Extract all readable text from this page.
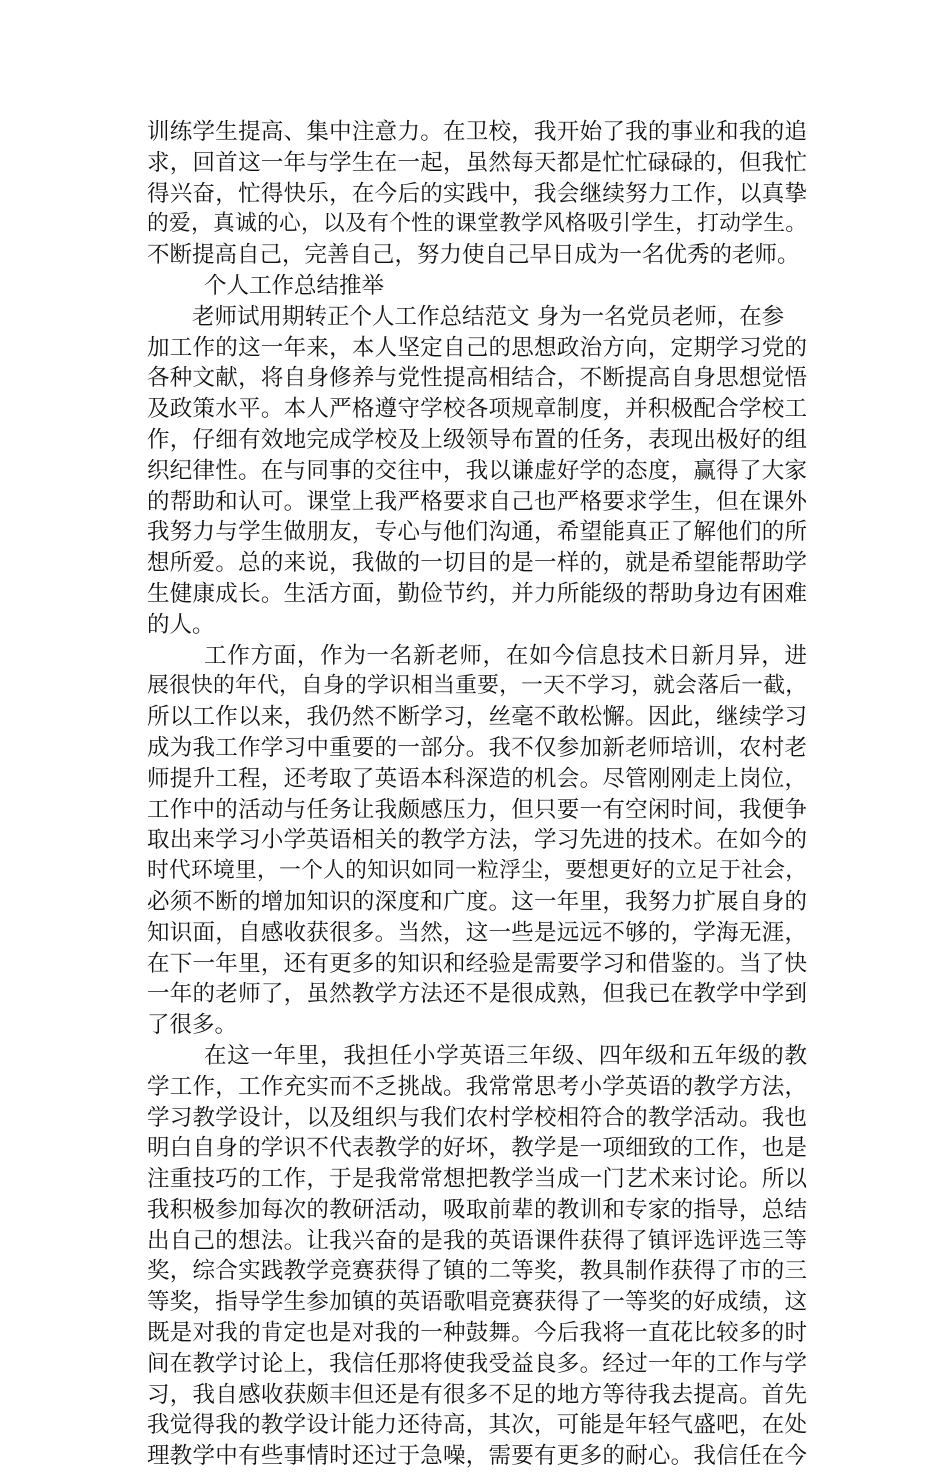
训练学生提高、集中注意力。在卫校，我开始了我的事业和我的追
求，回首这一年与学生在一起，虽然每天都是忙忙碌碌的，但我忙
得兴奋，忙得快乐，在今后的实践中，我会继续努力工作，以真挚
的爱，真诚的心，以及有个性的课堂教学风格吸引学生，打动学生。
不断提高自己，完善自己，努力使自己早日成为一名优秀的老师。
个人工作总结推举
老师试用期转正个人工作总结范文 身为一名党员老师，在参
加工作的这一年来，本人坚定自己的思想政治方向，定期学习党的
各种文献，将自身修养与党性提高相结合，不断提高自身思想觉悟
及政策水平。本人严格遵守学校各项规章制度，并积极配合学校工
作，仔细有效地完成学校及上级领导布置的任务，表现出极好的组
织纪律性。在与同事的交往中，我以谦虚好学的态度，赢得了大家
的帮助和认可。课堂上我严格要求自己也严格要求学生，但在课外
我努力与学生做朋友，专心与他们沟通，希望能真正了解他们的所
想所爱。总的来说，我做的一切目的是一样的，就是希望能帮助学
生健康成长。生活方面，勤俭节约，并力所能级的帮助身边有困难
的人。
工作方面，作为一名新老师，在如今信息技术日新月异，进
展很快的年代，自身的学识相当重要，一天不学习，就会落后一截，
所以工作以来，我仍然不断学习，丝毫不敢松懈。因此，继续学习
成为我工作学习中重要的一部分。我不仅参加新老师培训，农村老
师提升工程，还考取了英语本科深造的机会。尽管刚刚走上岗位，
工作中的活动与任务让我颇感压力，但只要一有空闲时间，我便争
取出来学习小学英语相关的教学方法，学习先进的技术。在如今的
时代环境里，一个人的知识如同一粒浮尘，要想更好的立足于社会，
必须不断的增加知识的深度和广度。这一年里，我努力扩展自身的
知识面，自感收获很多。当然，这一些是远远不够的，学海无涯，
在下一年里，还有更多的知识和经验是需要学习和借鉴的。当了快
一年的老师了，虽然教学方法还不是很成熟，但我已在教学中学到
了很多。
在这一年里，我担任小学英语三年级、四年级和五年级的教
学工作，工作充实而不乏挑战。我常常思考小学英语的教学方法，
学习教学设计，以及组织与我们农村学校相符合的教学活动。我也
明白自身的学识不代表教学的好坏，教学是一项细致的工作，也是
注重技巧的工作，于是我常常想把教学当成一门艺术来讨论。所以
我积极参加每次的教研活动，吸取前辈的教训和专家的指导，总结
出自己的想法。让我兴奋的是我的英语课件获得了镇评选评选三等
奖，综合实践教学竞赛获得了镇的二等奖，教具制作获得了市的三
等奖，指导学生参加镇的英语歌唱竞赛获得了一等奖的好成绩，这
既是对我的肯定也是对我的一种鼓舞。今后我将一直花比较多的时
间在教学讨论上，我信任那将使我受益良多。经过一年的工作与学
习，我自感收获颇丰但还是有很多不足的地方等待我去提高。首先
我觉得我的教学设计能力还待高，其次，可能是年轻气盛吧，在处
理教学中有些事情时还过于急噪，需要有更多的耐心。我信任在今
